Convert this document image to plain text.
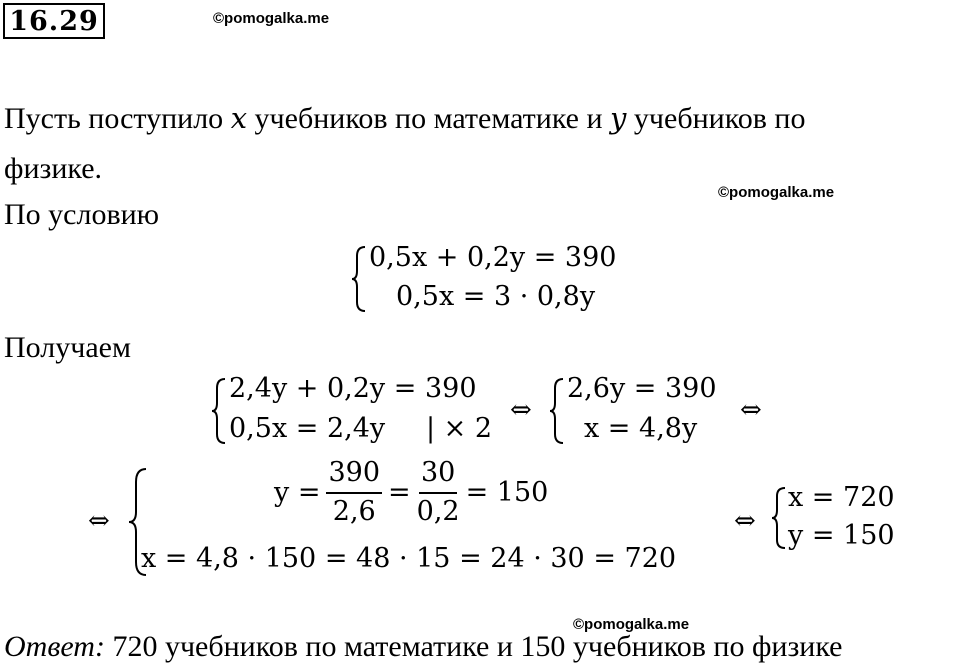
16.29	©pomogalka.me
Пусть поступило x учебников по математике и y учебников по
физике.
©pomogalka.me
По условию
0,5x + 0,2y = 390
0,5x = 3 · 0,8y
Получаем
2,4y + 0,2y = 390
0,5x = 2,4y | × 2
⇔
2,6y = 390
x = 4,8y
⇔
⇔
$y = \frac{390}{2,6} = \frac{30}{0,2} = 150$
x = 4,8 · 150 = 48 · 15 = 24 · 30 = 720
⇔
x = 720
y = 150
©pomogalka.me
Ответ: 720 учебников по математике и 150 учебников по физике
